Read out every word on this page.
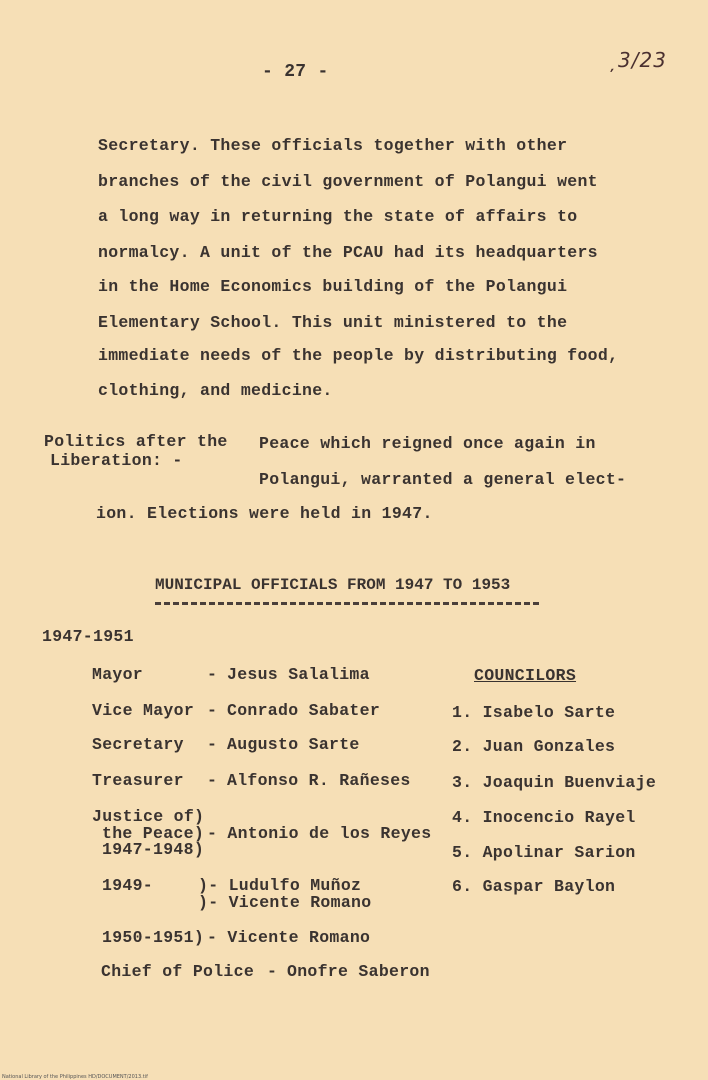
- 27 -	̦3/23
Secretary. These officials together with other
branches of the civil government of Polangui went
a long way in returning the state of affairs to
normalcy. A unit of the PCAU had its headquarters
in the Home Economics building of the Polangui
Elementary School. This unit ministered to the
immediate needs of the people by distributing food,
clothing, and medicine.
Politics after the
Liberation: -
Peace which reigned once again in
Polangui, warranted a general elect-
ion. Elections were held in 1947.
MUNICIPAL OFFICIALS FROM 1947 TO 1953
1947-1951
Mayor	- Jesus Salalima
Vice Mayor - Conrado Sabater
Secretary - Augusto Sarte
Treasurer - Alfonso R. Rañeses
Justice of)
the Peace)
1947-1948)
- Antonio de los Reyes
1949-	)- Ludulfo Muñoz
)- Vicente Romano
1950-1951) - Vicente Romano
Chief of Police - Onofre Saberon
COUNCILORS
1. Isabelo Sarte
2. Juan Gonzales
3. Joaquin Buenviaje
4. Inocencio Rayel
5. Apolinar Sarion
6. Gaspar Baylon
National Library of the Philippines HD/DOCUMENT/2013.tif
